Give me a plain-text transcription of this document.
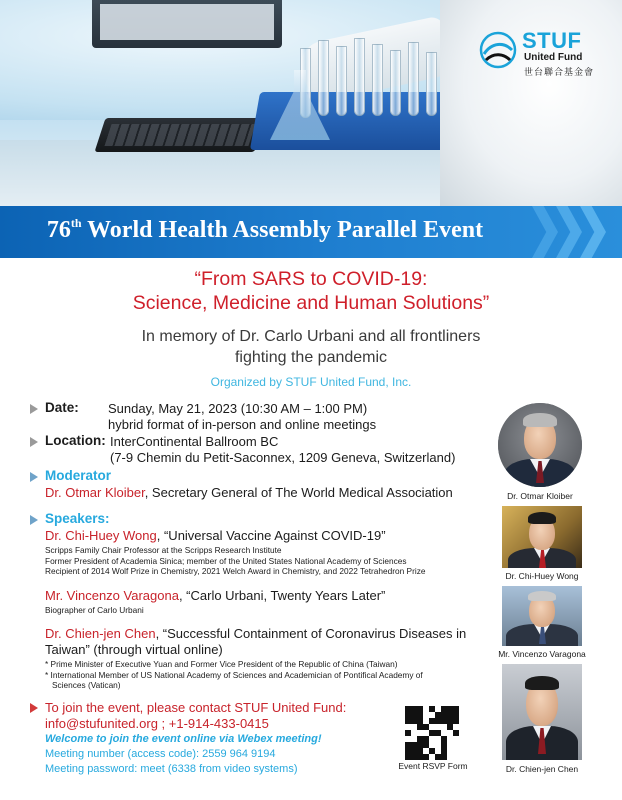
STUF
United Fund
世台聯合基金會
76th World Health Assembly Parallel Event
“From SARS to COVID-19:
Science, Medicine and Human Solutions”
In memory of Dr. Carlo Urbani and all frontliners
fighting the pandemic
Organized by STUF United Fund, Inc.
Date: Sunday, May 21, 2023 (10:30 AM – 1:00 PM)
hybrid format of in-person and online meetings
Location: InterContinental Ballroom BC
(7-9 Chemin du Petit-Saconnex, 1209 Geneva, Switzerland)
Moderator
Dr. Otmar Kloiber, Secretary General of The World Medical Association
Speakers:
Dr. Chi-Huey Wong, “Universal Vaccine Against COVID-19”
Scripps Family Chair Professor at the Scripps Research Institute
Former President of Academia Sinica; member of the United States National Academy of Sciences
Recipient of 2014 Wolf Prize in Chemistry, 2021 Welch Award in Chemistry, and 2022 Tetrahedron Prize
Mr. Vincenzo Varagona, “Carlo Urbani, Twenty Years Later”
Biographer of Carlo Urbani
Dr. Chien-jen Chen, “Successful Containment of Coronavirus Diseases in
Taiwan” (through virtual online)
* Prime Minister of Executive Yuan and Former Vice President of the Republic of China (Taiwan)
* International Member of US National Academy of Sciences and Academician of Pontifical Academy of
Sciences (Vatican)
Dr. Otmar Kloiber
Dr. Chi-Huey Wong
Mr. Vincenzo Varagona
Dr. Chien-jen Chen
To join the event, please contact STUF United Fund:
info@stufunited.org ; +1-914-433-0415
Welcome to join the event online via Webex meeting!
Meeting number (access code): 2559 964 9194
Meeting password: meet (6338 from video systems)	Event RSVP Form
